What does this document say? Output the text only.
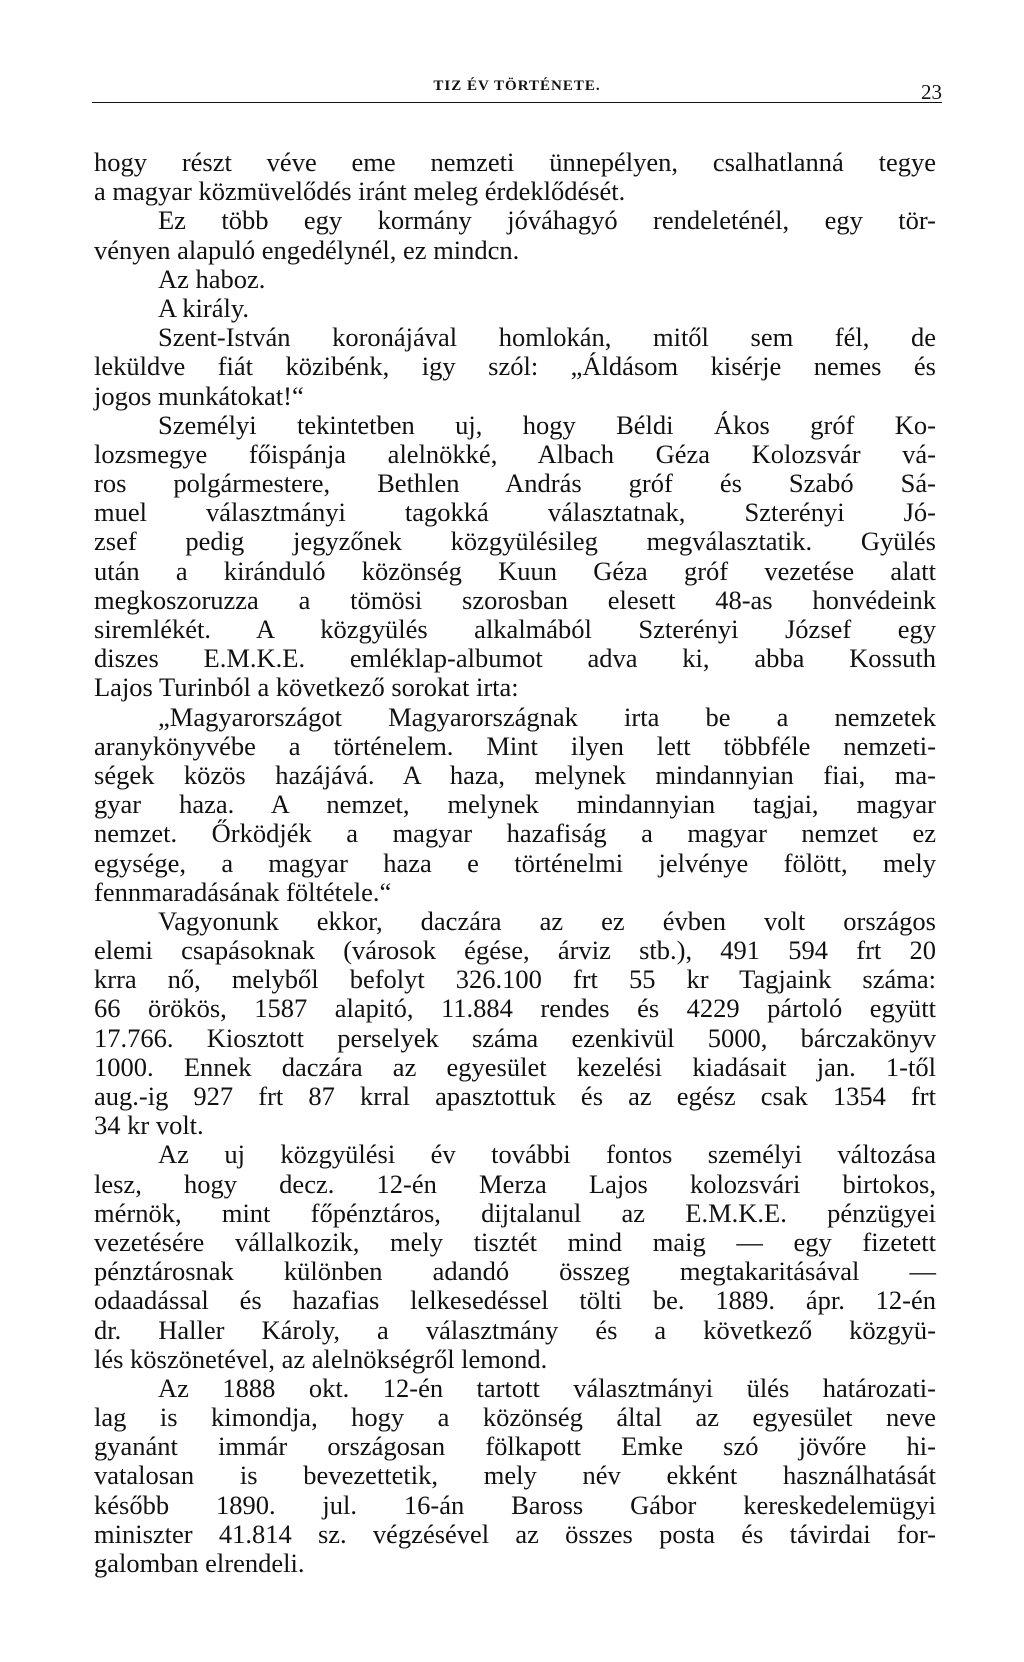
TIZ ÉV TÖRTÉNETE.	23
hogy részt véve eme nemzeti ünnepélyen, csalhatlanná tegye
a magyar közmüvelődés iránt meleg érdeklődését.
Ez több egy kormány jóváhagyó rendeleténél, egy tör-
vényen alapuló engedélynél, ez mindcn.
Az haboz.
A király.
Szent-István koronájával homlokán, mitől sem fél, de
leküldve fiát közibénk, igy szól: „Áldásom kisérje nemes és
jogos munkátokat!“
Személyi tekintetben uj, hogy Béldi Ákos gróf Ko-
lozsmegye főispánja alelnökké, Albach Géza Kolozsvár vá-
ros polgármestere, Bethlen András gróf és Szabó Sá-
muel választmányi tagokká választatnak, Szterényi Jó-
zsef pedig jegyzőnek közgyülésileg megválasztatik. Gyülés
után a kiránduló közönség Kuun Géza gróf vezetése alatt
megkoszoruzza a tömösi szorosban elesett 48-as honvédeink
siremlékét. A közgyülés alkalmából Szterényi József egy
diszes E.M.K.E. emléklap-albumot adva ki, abba Kossuth
Lajos Turinból a következő sorokat irta:
„Magyarországot Magyarországnak irta be a nemzetek
aranykönyvébe a történelem. Mint ilyen lett többféle nemzeti-
ségek közös hazájává. A haza, melynek mindannyian fiai, ma-
gyar haza. A nemzet, melynek mindannyian tagjai, magyar
nemzet. Őrködjék a magyar hazafiság a magyar nemzet ez
egysége, a magyar haza e történelmi jelvénye fölött, mely
fennmaradásának föltétele.“
Vagyonunk ekkor, daczára az ez évben volt országos
elemi csapásoknak (városok égése, árviz stb.), 491 594 frt 20
krra nő, melyből befolyt 326.100 frt 55 kr Tagjaink száma:
66 örökös, 1587 alapitó, 11.884 rendes és 4229 pártoló együtt
17.766. Kiosztott perselyek száma ezenkivül 5000, bárczakönyv
1000. Ennek daczára az egyesület kezelési kiadásait jan. 1-től
aug.-ig 927 frt 87 krral apasztottuk és az egész csak 1354 frt
34 kr volt.
Az uj közgyülési év további fontos személyi változása
lesz, hogy decz. 12-én Merza Lajos kolozsvári birtokos,
mérnök, mint főpénztáros, dijtalanul az E.M.K.E. pénzügyei
vezetésére vállalkozik, mely tisztét mind maig — egy fizetett
pénztárosnak különben adandó összeg megtakaritásával —
odaadással és hazafias lelkesedéssel tölti be. 1889. ápr. 12-én
dr. Haller Károly, a választmány és a következő közgyü-
lés köszönetével, az alelnökségről lemond.
Az 1888 okt. 12-én tartott választmányi ülés határozati-
lag is kimondja, hogy a közönség által az egyesület neve
gyanánt immár országosan fölkapott Emke szó jövőre hi-
vatalosan is bevezettetik, mely név ekként használhatását
később 1890. jul. 16-án Baross Gábor kereskedelemügyi
miniszter 41.814 sz. végzésével az összes posta és távirdai for-
galomban elrendeli.
